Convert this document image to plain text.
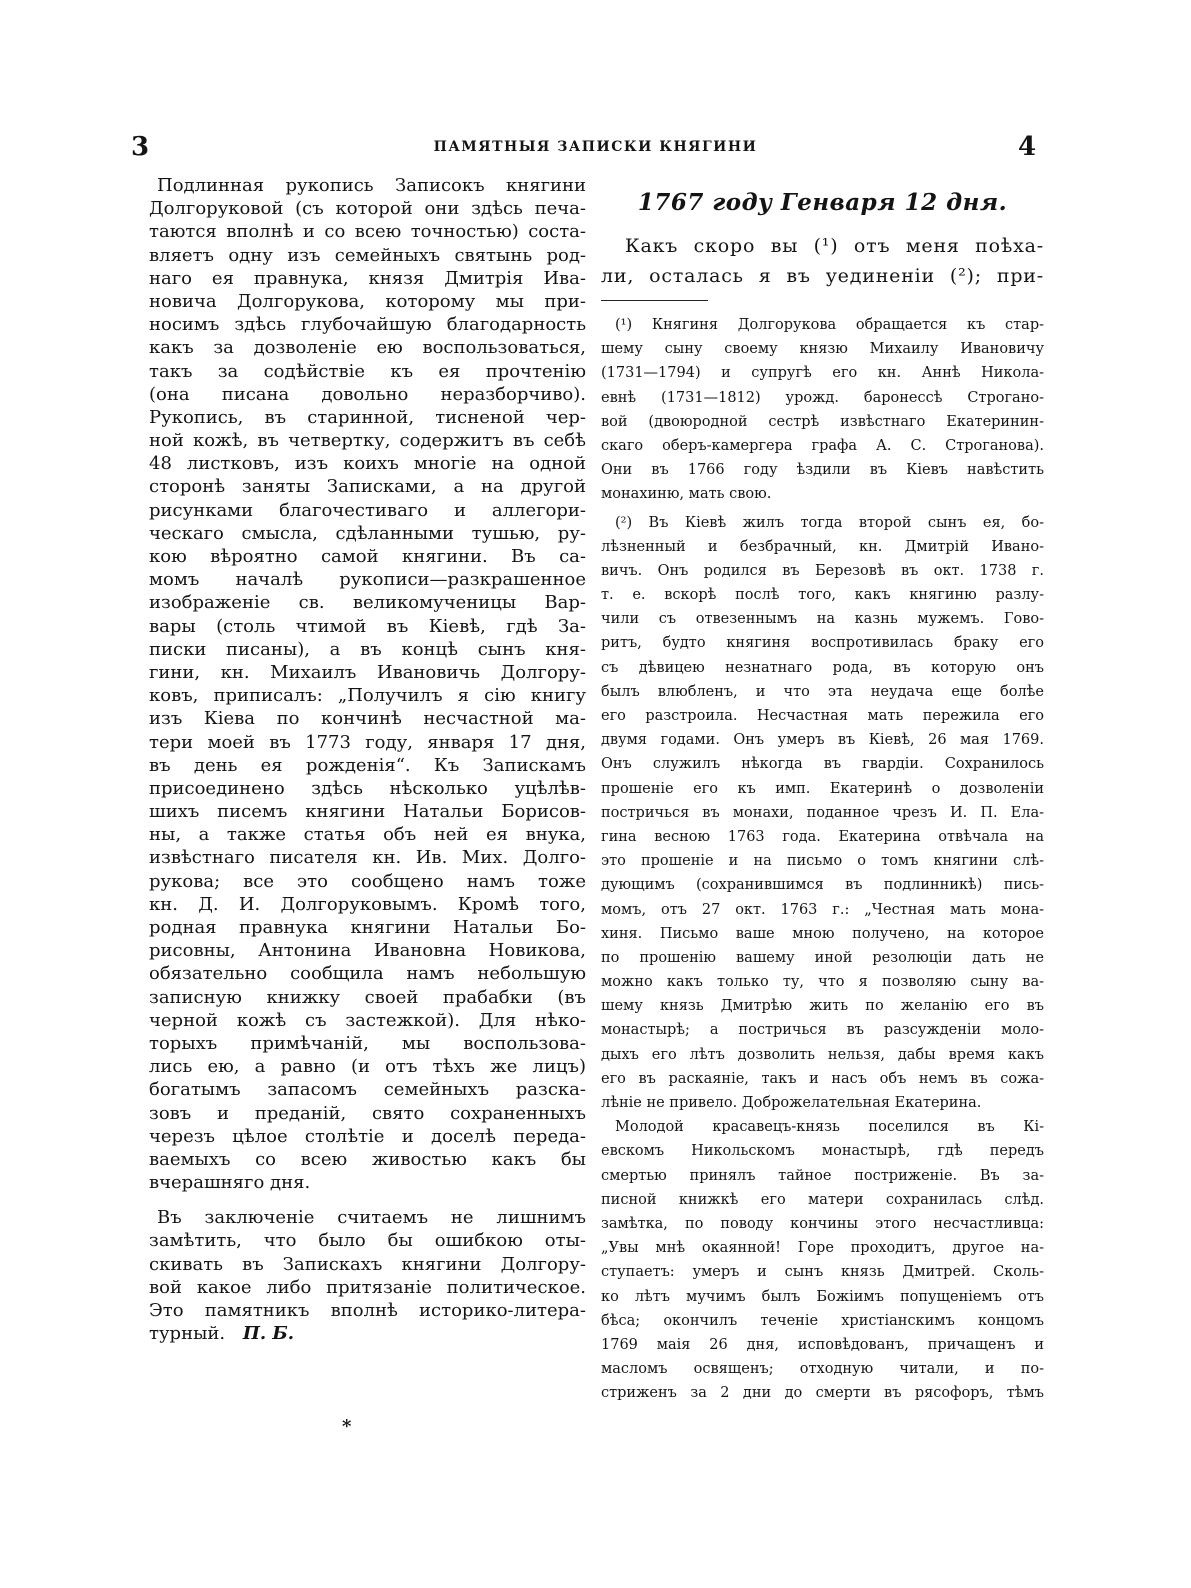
3	ПАМЯТНЫЯ ЗАПИСКИ КНЯГИНИ	4
Подлинная рукопись Записокъ княгини
Долгоруковой (съ которой они здѣсь печа-
таются вполнѣ и со всею точностью) соста-
вляетъ одну изъ семейныхъ святынь род-
наго ея правнука, князя Дмитрія Ива-
новича Долгорукова, которому мы при-
носимъ здѣсь глубочайшую благодарность
какъ за дозволеніе ею воспользоваться,
такъ за содѣйствіе къ ея прочтенію
(она писана довольно неразборчиво).
Рукопись, въ старинной, тисненой чер-
ной кожѣ, въ четвертку, содержитъ въ себѣ
48 листковъ, изъ коихъ многіе на одной
сторонѣ заняты Записками, а на другой
рисунками благочестиваго и аллегори-
ческаго смысла, сдѣланными тушью, ру-
кою вѣроятно самой княгини. Въ са-
момъ началѣ рукописи—разкрашенное
изображеніе св. великомученицы Вар-
вары (столь чтимой въ Кіевѣ, гдѣ За-
писки писаны), а въ концѣ сынъ кня-
гини, кн. Михаилъ Ивановичь Долгору-
ковъ, приписалъ: „Получилъ я сію книгу
изъ Кіева по кончинѣ несчастной ма-
тери моей въ 1773 году, января 17 дня,
въ день ея рожденія“. Къ Запискамъ
присоединено здѣсь нѣсколько уцѣлѣв-
шихъ писемъ княгини Натальи Борисов-
ны, а также статья объ ней ея внука,
извѣстнаго писателя кн. Ив. Мих. Долго-
рукова; все это сообщено намъ тоже
кн. Д. И. Долгоруковымъ. Кромѣ того,
родная правнука княгини Натальи Бо-
рисовны, Антонина Ивановна Новикова,
обязательно сообщила намъ небольшую
записную книжку своей прабабки (въ
черной кожѣ съ застежкой). Для нѣко-
торыхъ примѣчаній, мы воспользова-
лись ею, а равно (и отъ тѣхъ же лицъ)
богатымъ запасомъ семейныхъ разска-
зовъ и преданій, свято сохраненныхъ
черезъ цѣлое столѣтіе и доселѣ переда-
ваемыхъ со всею живостью какъ бы
вчерашняго дня.
Въ заключеніе считаемъ не лишнимъ
замѣтить, что было бы ошибкою оты-
скивать въ Запискахъ княгини Долгору-
вой какое либо притязаніе политическое.
Это памятникъ вполнѣ историко-литера-
турный. П. Б.
*
1767 году Генваря 12 дня.
Какъ скоро вы (¹) отъ меня поѣха-
ли, осталась я въ уединеніи (²); при-
(¹) Княгиня Долгорукова обращается къ стар-
шему сыну своему князю Михаилу Ивановичу
(1731—1794) и супругѣ его кн. Аннѣ Никола-
евнѣ (1731—1812) урожд. баронессѣ Строгано-
вой (двоюродной сестрѣ извѣстнаго Екатеринин-
скаго оберъ-камергера графа А. С. Строганова).
Они въ 1766 году ѣздили въ Кіевъ навѣстить
монахиню, мать свою.
(²) Въ Кіевѣ жилъ тогда второй сынъ ея, бо-
лѣзненный и безбрачный, кн. Дмитрій Ивано-
вичъ. Онъ родился въ Березовѣ въ окт. 1738 г.
т. е. вскорѣ послѣ того, какъ княгиню разлу-
чили съ отвезеннымъ на казнь мужемъ. Гово-
ритъ, будто княгиня воспротивилась браку его
съ дѣвицею незнатнаго рода, въ которую онъ
былъ влюбленъ, и что эта неудача еще болѣе
его разстроила. Несчастная мать пережила его
двумя годами. Онъ умеръ въ Кіевѣ, 26 мая 1769.
Онъ служилъ нѣкогда въ гвардіи. Сохранилось
прошеніе его къ имп. Екатеринѣ о дозволеніи
постричься въ монахи, поданное чрезъ И. П. Ела-
гина весною 1763 года. Екатерина отвѣчала на
это прошеніе и на письмо о томъ княгини слѣ-
дующимъ (сохранившимся въ подлинникѣ) пись-
момъ, отъ 27 окт. 1763 г.: „Честная мать мона-
хиня. Письмо ваше мною получено, на которое
по прошенію вашему иной резолюціи дать не
можно какъ только ту, что я позволяю сыну ва-
шему князь Дмитрѣю жить по желанію его въ
монастырѣ; а постричься въ разсужденіи моло-
дыхъ его лѣтъ дозволить нельзя, дабы время какъ
его въ раскаяніе, такъ и насъ объ немъ въ сожа-
лѣніе не привело. Доброжелательная Екатерина.
Молодой красавецъ-князь поселился въ Кі-
евскомъ Никольскомъ монастырѣ, гдѣ передъ
смертью принялъ тайное постриженіе. Въ за-
писной книжкѣ его матери сохранилась слѣд.
замѣтка, по поводу кончины этого несчастливца:
„Увы мнѣ окаянной! Горе проходитъ, другое на-
ступаетъ: умеръ и сынъ князь Дмитрей. Сколь-
ко лѣтъ мучимъ былъ Божіимъ попущеніемъ отъ
бѣса; окончилъ теченіе христіанскимъ концомъ
1769 маія 26 дня, исповѣдованъ, причащенъ и
масломъ освященъ; отходную читали, и по-
стриженъ за 2 дни до смерти въ рясофоръ, тѣмъ
